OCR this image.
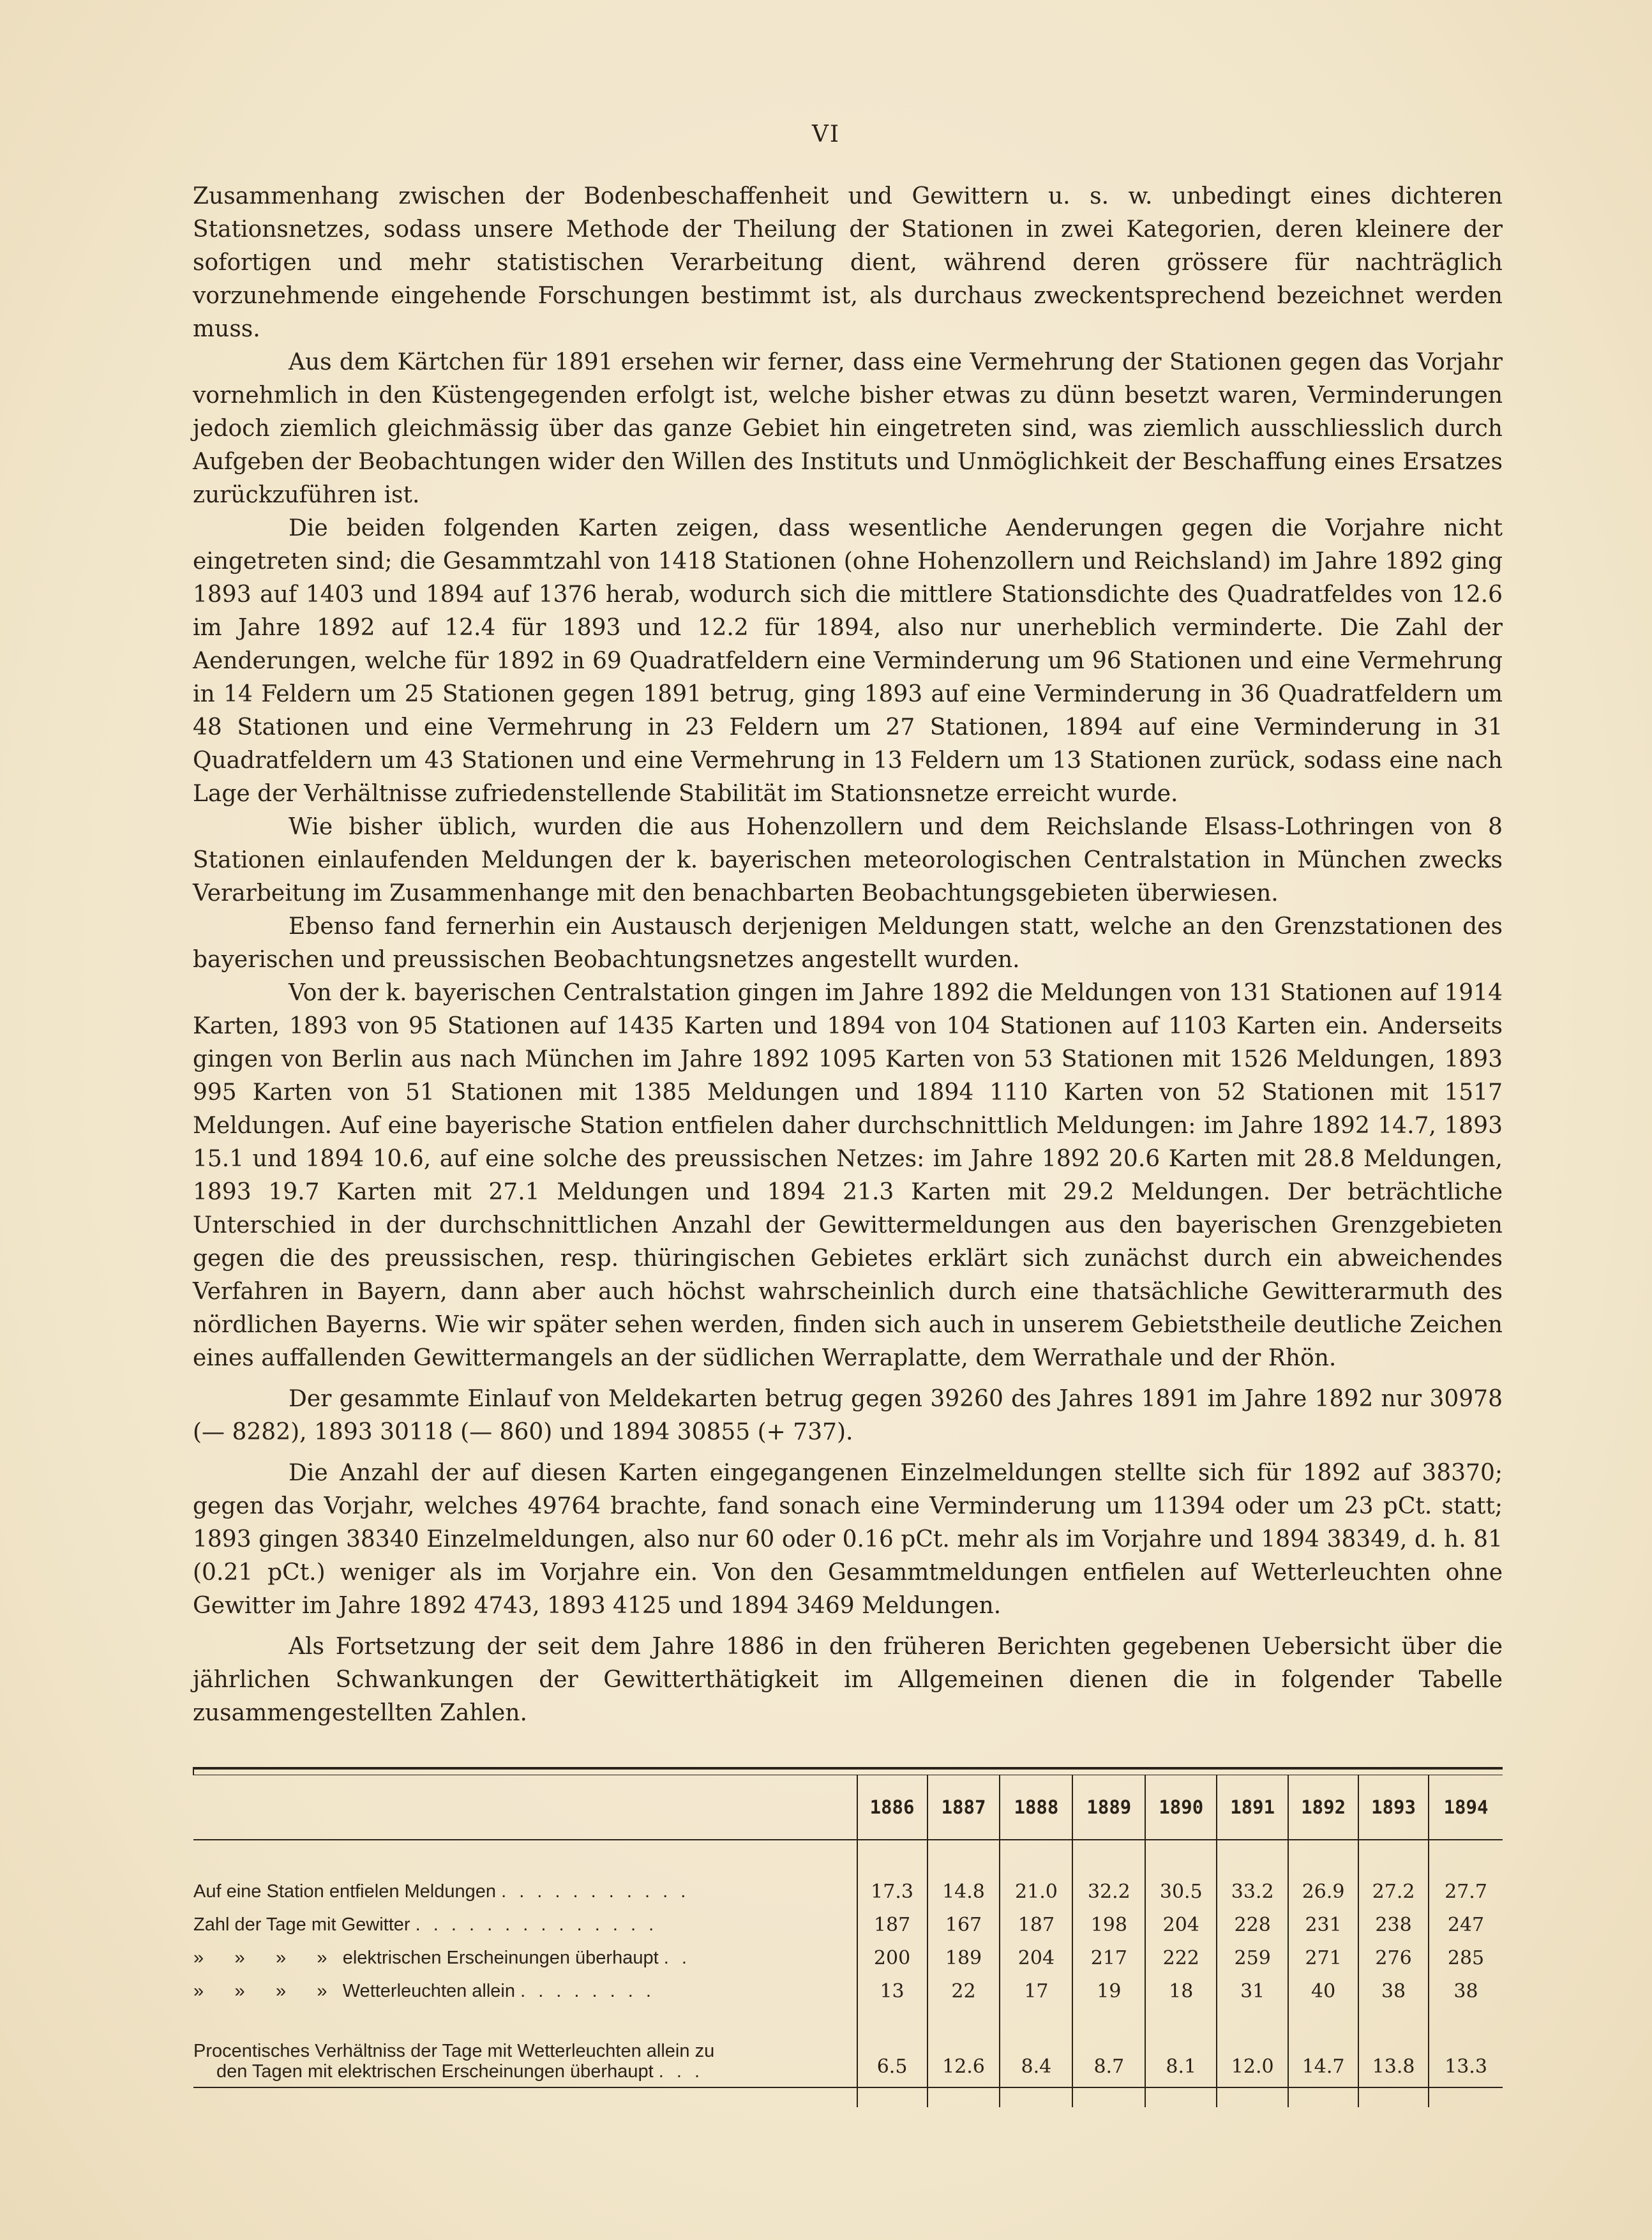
VI

Zusammenhang zwischen der Bodenbeschaffenheit und Gewittern u. s. w. unbedingt eines dichteren Stationsnetzes, sodass unsere Methode der Theilung der Stationen in zwei Kategorien, deren kleinere der sofortigen und mehr statistischen Verarbeitung dient, während deren grössere für nachträglich vorzunehmende eingehende Forschungen bestimmt ist, als durchaus zweckentsprechend bezeichnet werden muss.

Aus dem Kärtchen für 1891 ersehen wir ferner, dass eine Vermehrung der Stationen gegen das Vorjahr vornehmlich in den Küstengegenden erfolgt ist, welche bisher etwas zu dünn besetzt waren, Verminderungen jedoch ziemlich gleichmässig über das ganze Gebiet hin eingetreten sind, was ziemlich ausschliesslich durch Aufgeben der Beobachtungen wider den Willen des Instituts und Unmöglichkeit der Beschaffung eines Ersatzes zurückzuführen ist.

Die beiden folgenden Karten zeigen, dass wesentliche Aenderungen gegen die Vorjahre nicht eingetreten sind; die Gesammtzahl von 1418 Stationen (ohne Hohenzollern und Reichsland) im Jahre 1892 ging 1893 auf 1403 und 1894 auf 1376 herab, wodurch sich die mittlere Stationsdichte des Quadratfeldes von 12.6 im Jahre 1892 auf 12.4 für 1893 und 12.2 für 1894, also nur unerheblich verminderte. Die Zahl der Aenderungen, welche für 1892 in 69 Quadratfeldern eine Verminderung um 96 Stationen und eine Vermehrung in 14 Feldern um 25 Stationen gegen 1891 betrug, ging 1893 auf eine Verminderung in 36 Quadratfeldern um 48 Stationen und eine Vermehrung in 23 Feldern um 27 Stationen, 1894 auf eine Verminderung in 31 Quadratfeldern um 43 Stationen und eine Vermehrung in 13 Feldern um 13 Stationen zurück, sodass eine nach Lage der Verhältnisse zufriedenstellende Stabilität im Stationsnetze erreicht wurde.

Wie bisher üblich, wurden die aus Hohenzollern und dem Reichslande Elsass-Lothringen von 8 Stationen einlaufenden Meldungen der k. bayerischen meteorologischen Centralstation in München zwecks Verarbeitung im Zusammenhange mit den benachbarten Beobachtungsgebieten überwiesen.

Ebenso fand fernerhin ein Austausch derjenigen Meldungen statt, welche an den Grenzstationen des bayerischen und preussischen Beobachtungsnetzes angestellt wurden.

Von der k. bayerischen Centralstation gingen im Jahre 1892 die Meldungen von 131 Stationen auf 1914 Karten, 1893 von 95 Stationen auf 1435 Karten und 1894 von 104 Stationen auf 1103 Karten ein. Anderseits gingen von Berlin aus nach München im Jahre 1892 1095 Karten von 53 Stationen mit 1526 Meldungen, 1893 995 Karten von 51 Stationen mit 1385 Meldungen und 1894 1110 Karten von 52 Stationen mit 1517 Meldungen. Auf eine bayerische Station entfielen daher durchschnittlich Meldungen: im Jahre 1892 14.7, 1893 15.1 und 1894 10.6, auf eine solche des preussischen Netzes: im Jahre 1892 20.6 Karten mit 28.8 Meldungen, 1893 19.7 Karten mit 27.1 Meldungen und 1894 21.3 Karten mit 29.2 Meldungen. Der beträchtliche Unterschied in der durchschnittlichen Anzahl der Gewittermeldungen aus den bayerischen Grenzgebieten gegen die des preussischen, resp. thüringischen Gebietes erklärt sich zunächst durch ein abweichendes Verfahren in Bayern, dann aber auch höchst wahrscheinlich durch eine thatsächliche Gewitterarmuth des nördlichen Bayerns. Wie wir später sehen werden, finden sich auch in unserem Gebietstheile deutliche Zeichen eines auffallenden Gewittermangels an der südlichen Werraplatte, dem Werrathale und der Rhön.

Der gesammte Einlauf von Meldekarten betrug gegen 39260 des Jahres 1891 im Jahre 1892 nur 30978 (— 8282), 1893 30118 (— 860) und 1894 30855 (+ 737).

Die Anzahl der auf diesen Karten eingegangenen Einzelmeldungen stellte sich für 1892 auf 38370; gegen das Vorjahr, welches 49764 brachte, fand sonach eine Verminderung um 11394 oder um 23 pCt. statt; 1893 gingen 38340 Einzelmeldungen, also nur 60 oder 0.16 pCt. mehr als im Vorjahre und 1894 38349, d. h. 81 (0.21 pCt.) weniger als im Vorjahre ein. Von den Gesammtmeldungen entfielen auf Wetterleuchten ohne Gewitter im Jahre 1892 4743, 1893 4125 und 1894 3469 Meldungen.

Als Fortsetzung der seit dem Jahre 1886 in den früheren Berichten gegebenen Uebersicht über die jährlichen Schwankungen der Gewitterthätigkeit im Allgemeinen dienen die in folgender Tabelle zusammengestellten Zahlen.

	1886	1887	1888	1889	1890	1891	1892	1893	1894

Auf eine Station entfielen Meldungen . . . . . . . . . . .	17.3	14.8	21.0	32.2	30.5	33.2	26.9	27.2	27.7
Zahl der Tage mit Gewitter . . . . . . . . . . . . . .	187	167	187	198	204	228	231	238	247
»      »      »      »   elektrischen Erscheinungen überhaupt . .	200	189	204	217	222	259	271	276	285
»      »      »      »   Wetterleuchten allein . . . . . . . .	13	22	17	19	18	31	40	38	38
Procentisches Verhältniss der Tage mit Wetterleuchten allein zu
den Tagen mit elektrischen Erscheinungen überhaupt . . .	6.5	12.6	8.4	8.7	8.1	12.0	14.7	13.8	13.3
